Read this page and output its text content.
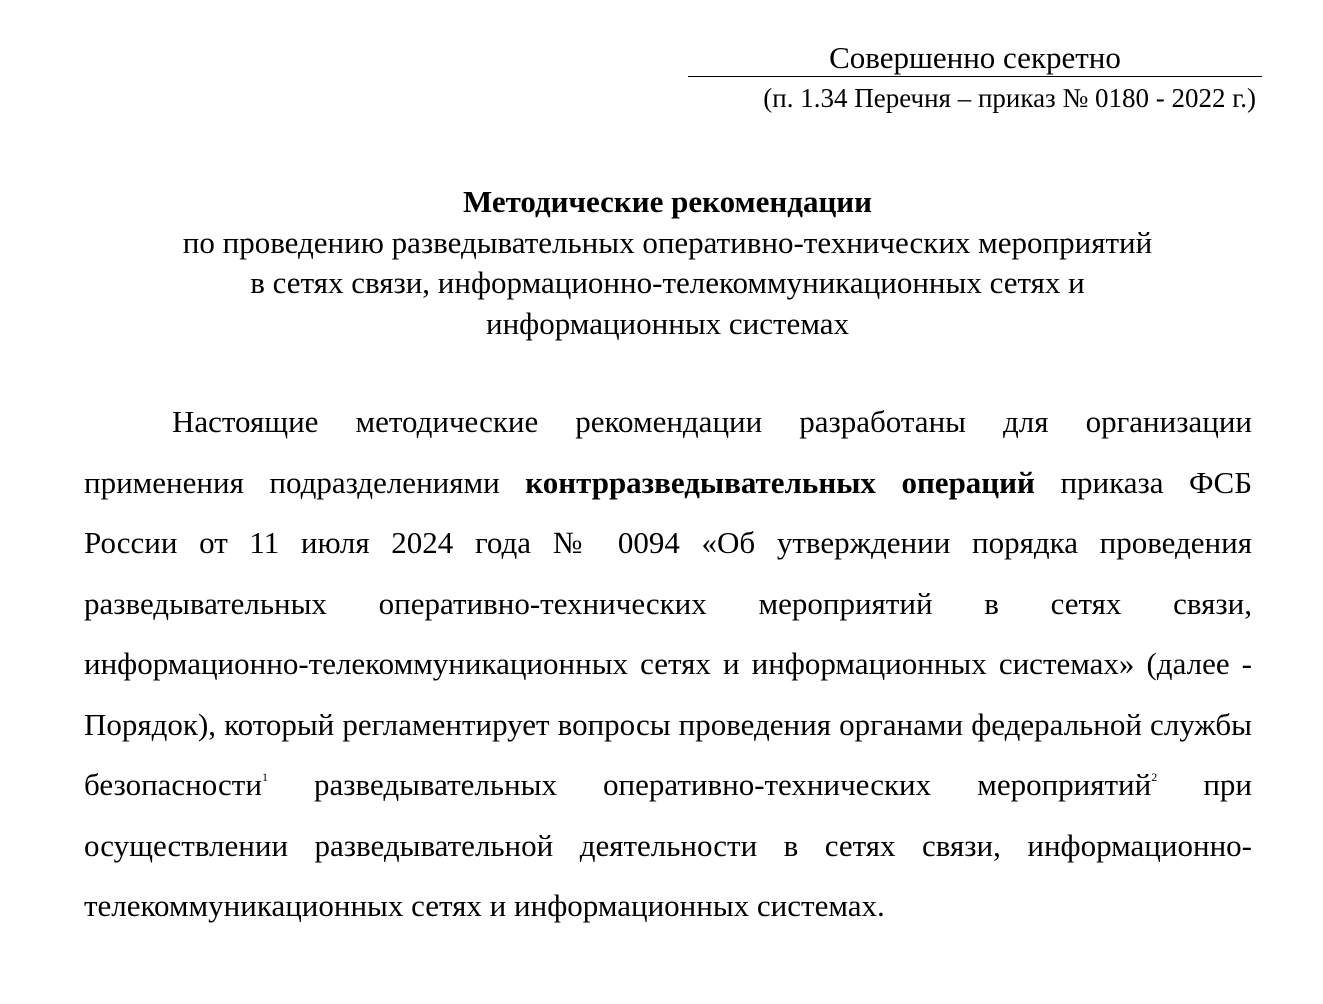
Совершенно секретно
(п. 1.34 Перечня – приказ № 0180 - 2022 г.)
Методические рекомендации
по проведению разведывательных оперативно-технических мероприятий
в сетях связи, информационно-телекоммуникационных сетях и
информационных системах

Настоящие методические рекомендации разработаны для организации применения подразделениями контрразведывательных операций приказа ФСБ России от 11 июля 2024 года № 0094 «Об утверждении порядка проведения разведывательных оперативно-технических мероприятий в сетях связи, информационно-телекоммуникационных сетях и информационных системах» (далее - Порядок), который регламентирует вопросы проведения органами федеральной службы безопасности$^1$ разведывательных оперативно-технических мероприятий$^2$ при осуществлении разведывательной деятельности в сетях связи, информационно-телекоммуникационных сетях и информационных системах.
